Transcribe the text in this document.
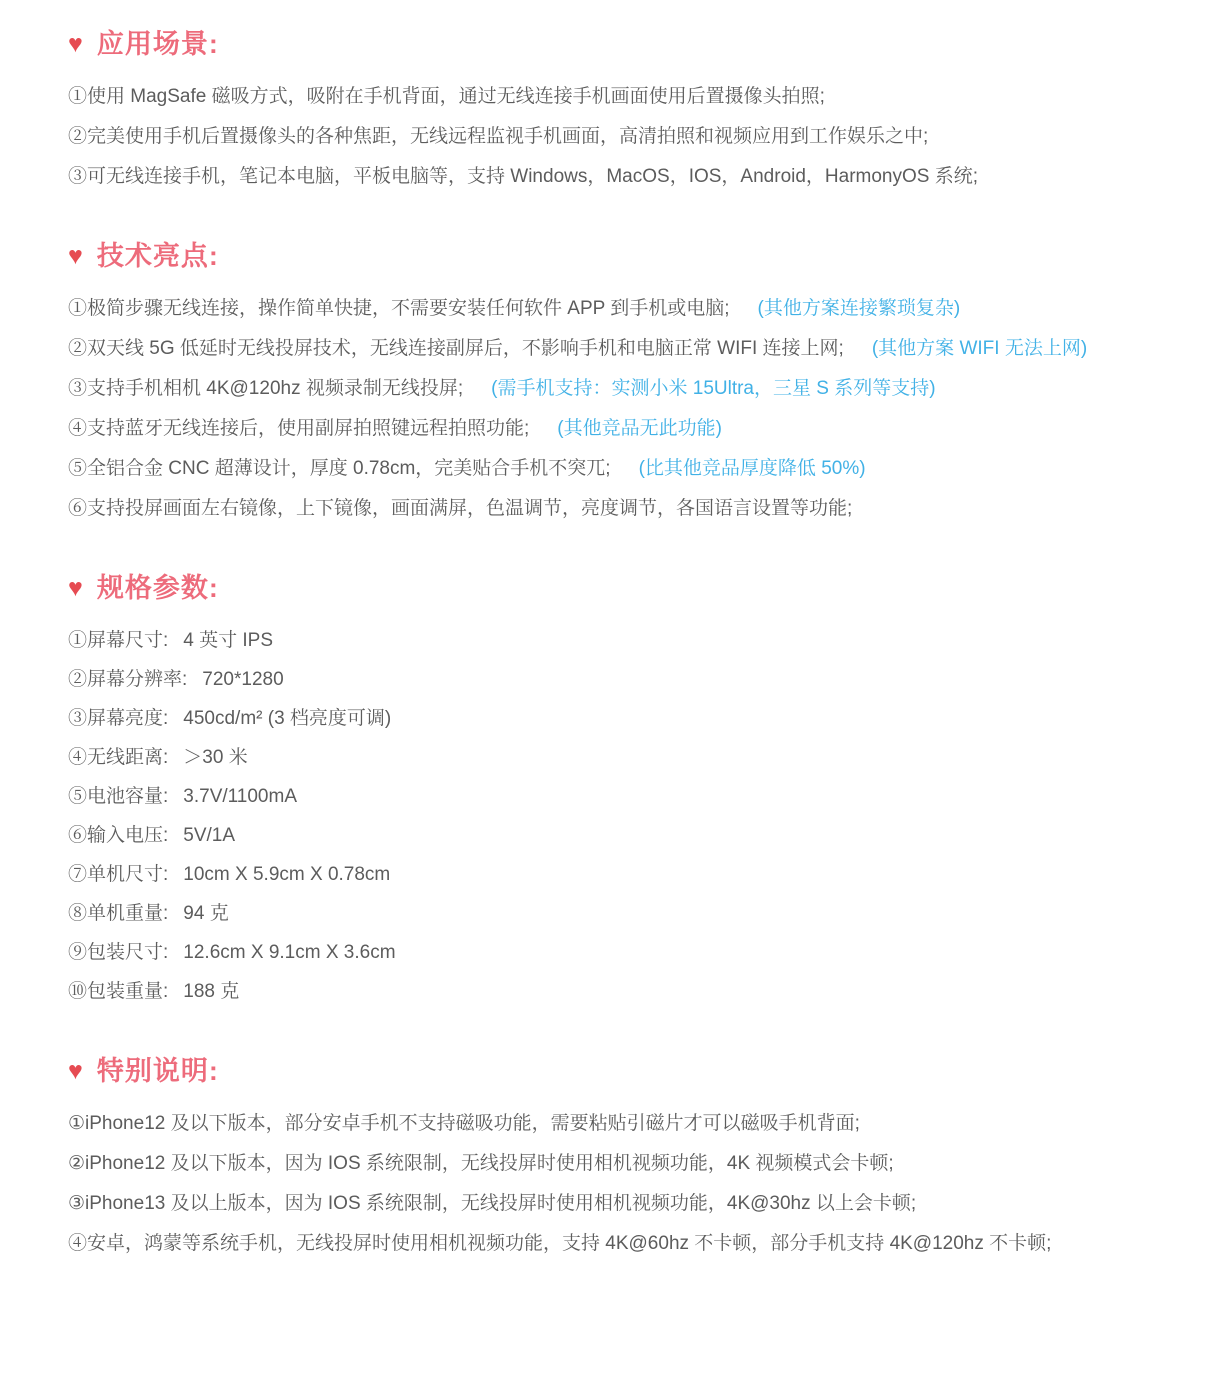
♥ 应用场景:
①使用 MagSafe 磁吸方式，吸附在手机背面，通过无线连接手机画面使用后置摄像头拍照;
②完美使用手机后置摄像头的各种焦距，无线远程监视手机画面，高清拍照和视频应用到工作娱乐之中;
③可无线连接手机，笔记本电脑，平板电脑等，支持 Windows，MacOS，IOS，Android，HarmonyOS 系统;
♥ 技术亮点:
①极简步骤无线连接，操作简单快捷，不需要安装任何软件 APP 到手机或电脑; (其他方案连接繁琐复杂)
②双天线 5G 低延时无线投屏技术，无线连接副屏后，不影响手机和电脑正常 WIFI 连接上网; (其他方案 WIFI 无法上网)
③支持手机相机 4K@120hz 视频录制无线投屏; (需手机支持：实测小米 15Ultra，三星 S 系列等支持)
④支持蓝牙无线连接后，使用副屏拍照键远程拍照功能; (其他竞品无此功能)
⑤全铝合金 CNC 超薄设计，厚度 0.78cm，完美贴合手机不突兀; (比其他竞品厚度降低 50%)
⑥支持投屏画面左右镜像，上下镜像，画面满屏，色温调节，亮度调节，各国语言设置等功能;
♥ 规格参数:
①屏幕尺寸: 4 英寸 IPS
②屏幕分辨率: 720*1280
③屏幕亮度: 450cd/m² (3 档亮度可调)
④无线距离: ＞30 米
⑤电池容量: 3.7V/1100mA
⑥输入电压: 5V/1A
⑦单机尺寸: 10cm X 5.9cm X 0.78cm
⑧单机重量: 94 克
⑨包装尺寸: 12.6cm X 9.1cm X 3.6cm
⑩包装重量: 188 克
♥ 特别说明:
①iPhone12 及以下版本，部分安卓手机不支持磁吸功能，需要粘贴引磁片才可以磁吸手机背面;
②iPhone12 及以下版本，因为 IOS 系统限制，无线投屏时使用相机视频功能，4K 视频模式会卡顿;
③iPhone13 及以上版本，因为 IOS 系统限制，无线投屏时使用相机视频功能，4K@30hz 以上会卡顿;
④安卓，鸿蒙等系统手机，无线投屏时使用相机视频功能，支持 4K@60hz 不卡顿，部分手机支持 4K@120hz 不卡顿;
